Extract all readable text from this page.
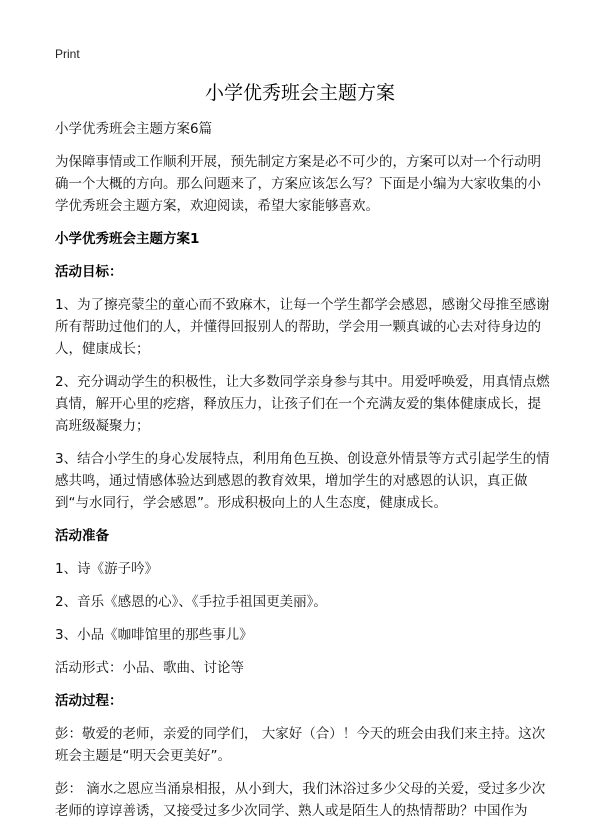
Print
小学优秀班会主题方案

小学优秀班会主题方案6篇

为保障事情或工作顺利开展，预先制定方案是必不可少的，方案可以对一个行动明确一个大概的方向。那么问题来了，方案应该怎么写？下面是小编为大家收集的小学优秀班会主题方案，欢迎阅读，希望大家能够喜欢。

小学优秀班会主题方案1

活动目标：

1、为了擦亮蒙尘的童心而不致麻木，让每一个学生都学会感恩，感谢父母推至感谢所有帮助过他们的人，并懂得回报别人的帮助，学会用一颗真诚的心去对待身边的人，健康成长；

2、充分调动学生的积极性，让大多数同学亲身参与其中。用爱呼唤爱，用真情点燃真情，解开心里的疙瘩，释放压力，让孩子们在一个充满友爱的集体健康成长，提高班级凝聚力；

3、结合小学生的身心发展特点，利用角色互换、创设意外情景等方式引起学生的情感共鸣，通过情感体验达到感恩的教育效果，增加学生的对感恩的认识，真正做到“与水同行，学会感恩”。形成积极向上的人生态度，健康成长。

活动准备

1、诗《游子吟》

2、音乐《感恩的心》、《手拉手祖国更美丽》。

3、小品《咖啡馆里的那些事儿》

活动形式：小品、歌曲、讨论等

活动过程：

彭：敬爱的老师，亲爱的同学们， 大家好（合）！今天的班会由我们来主持。这次班会主题是“明天会更美好”。

彭： 滴水之恩应当涌泉相报，从小到大，我们沐浴过多少父母的关爱，受过多少次老师的谆谆善诱，又接受过多少次同学、熟人或是陌生人的热情帮助？中国作为
